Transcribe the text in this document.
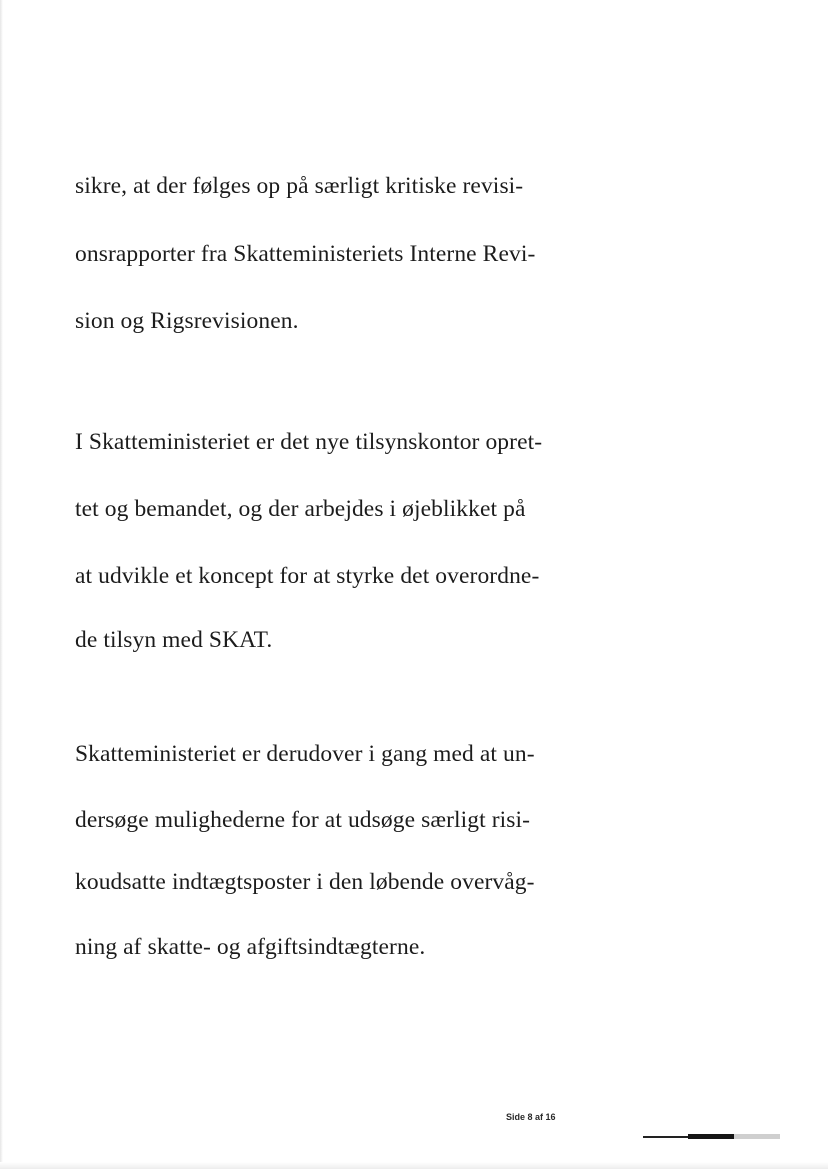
sikre, at der følges op på særligt kritiske revisi-
onsrapporter fra Skatteministeriets Interne Revi-
sion og Rigsrevisionen.
I Skatteministeriet er det nye tilsynskontor opret-
tet og bemandet, og der arbejdes i øjeblikket på
at udvikle et koncept for at styrke det overordne-
de tilsyn med SKAT.
Skatteministeriet er derudover i gang med at un-
dersøge mulighederne for at udsøge særligt risi-
koudsatte indtægtsposter i den løbende overvåg-
ning af skatte- og afgiftsindtægterne.
Side 8 af 16
